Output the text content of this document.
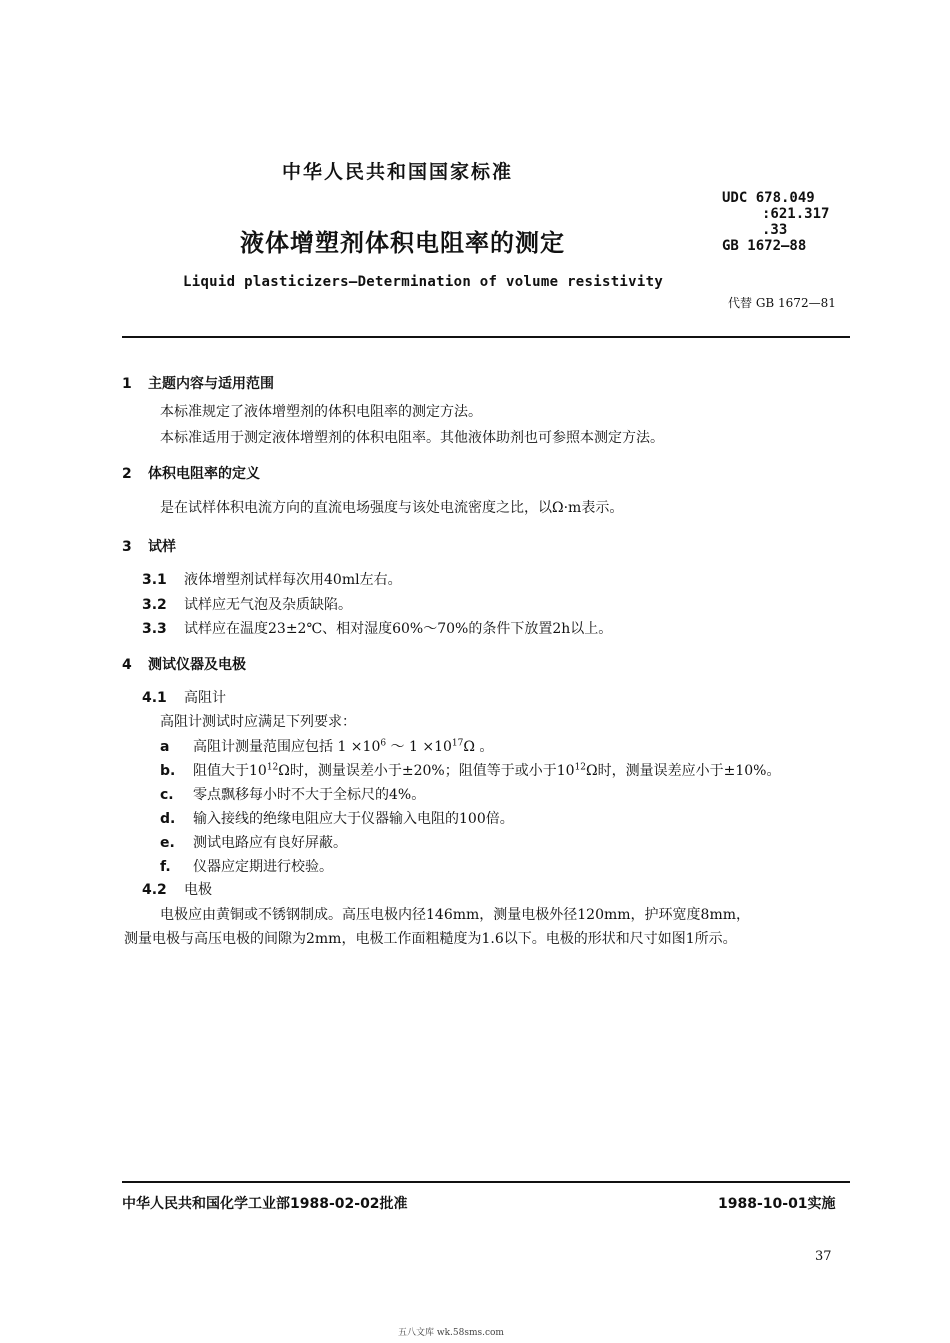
中华人民共和国国家标准
液体增塑剂体积电阻率的测定
Liquid plasticizers—Determination of volume resistivity
UDC 678.049
:621.317
.33
GB 1672—88
代替 GB 1672—81
1 主题内容与适用范围
本标准规定了液体增塑剂的体积电阻率的测定方法。
本标准适用于测定液体增塑剂的体积电阻率。其他液体助剂也可参照本测定方法。
2 体积电阻率的定义
是在试样体积电流方向的直流电场强度与该处电流密度之比，以Ω·m表示。
3 试样
3.1 液体增塑剂试样每次用40ml左右。
3.2 试样应无气泡及杂质缺陷。
3.3 试样应在温度23±2℃、相对湿度60%～70%的条件下放置2h以上。
4 测试仪器及电极
4.1 高阻计
高阻计测试时应满足下列要求：
a 高阻计测量范围应包括 $1 \times 10^6$ ～ $1 \times 10^{17}\Omega$ 。
b. 阻值大于$10^{12}\Omega$时，测量误差小于±20%；阻值等于或小于$10^{12}\Omega$时，测量误差应小于±10%。
c. 零点飘移每小时不大于全标尺的4%。
d. 输入接线的绝缘电阻应大于仪器输入电阻的100倍。
e. 测试电路应有良好屏蔽。
f. 仪器应定期进行校验。
4.2 电极
电极应由黄铜或不锈钢制成。高压电极内径146mm，测量电极外径120mm，护环宽度8mm，
测量电极与高压电极的间隙为2mm，电极工作面粗糙度为1.6以下。电极的形状和尺寸如图1所示。
中华人民共和国化学工业部1988-02-02批准	1988-10-01实施
37
五八文库 wk.58sms.com
